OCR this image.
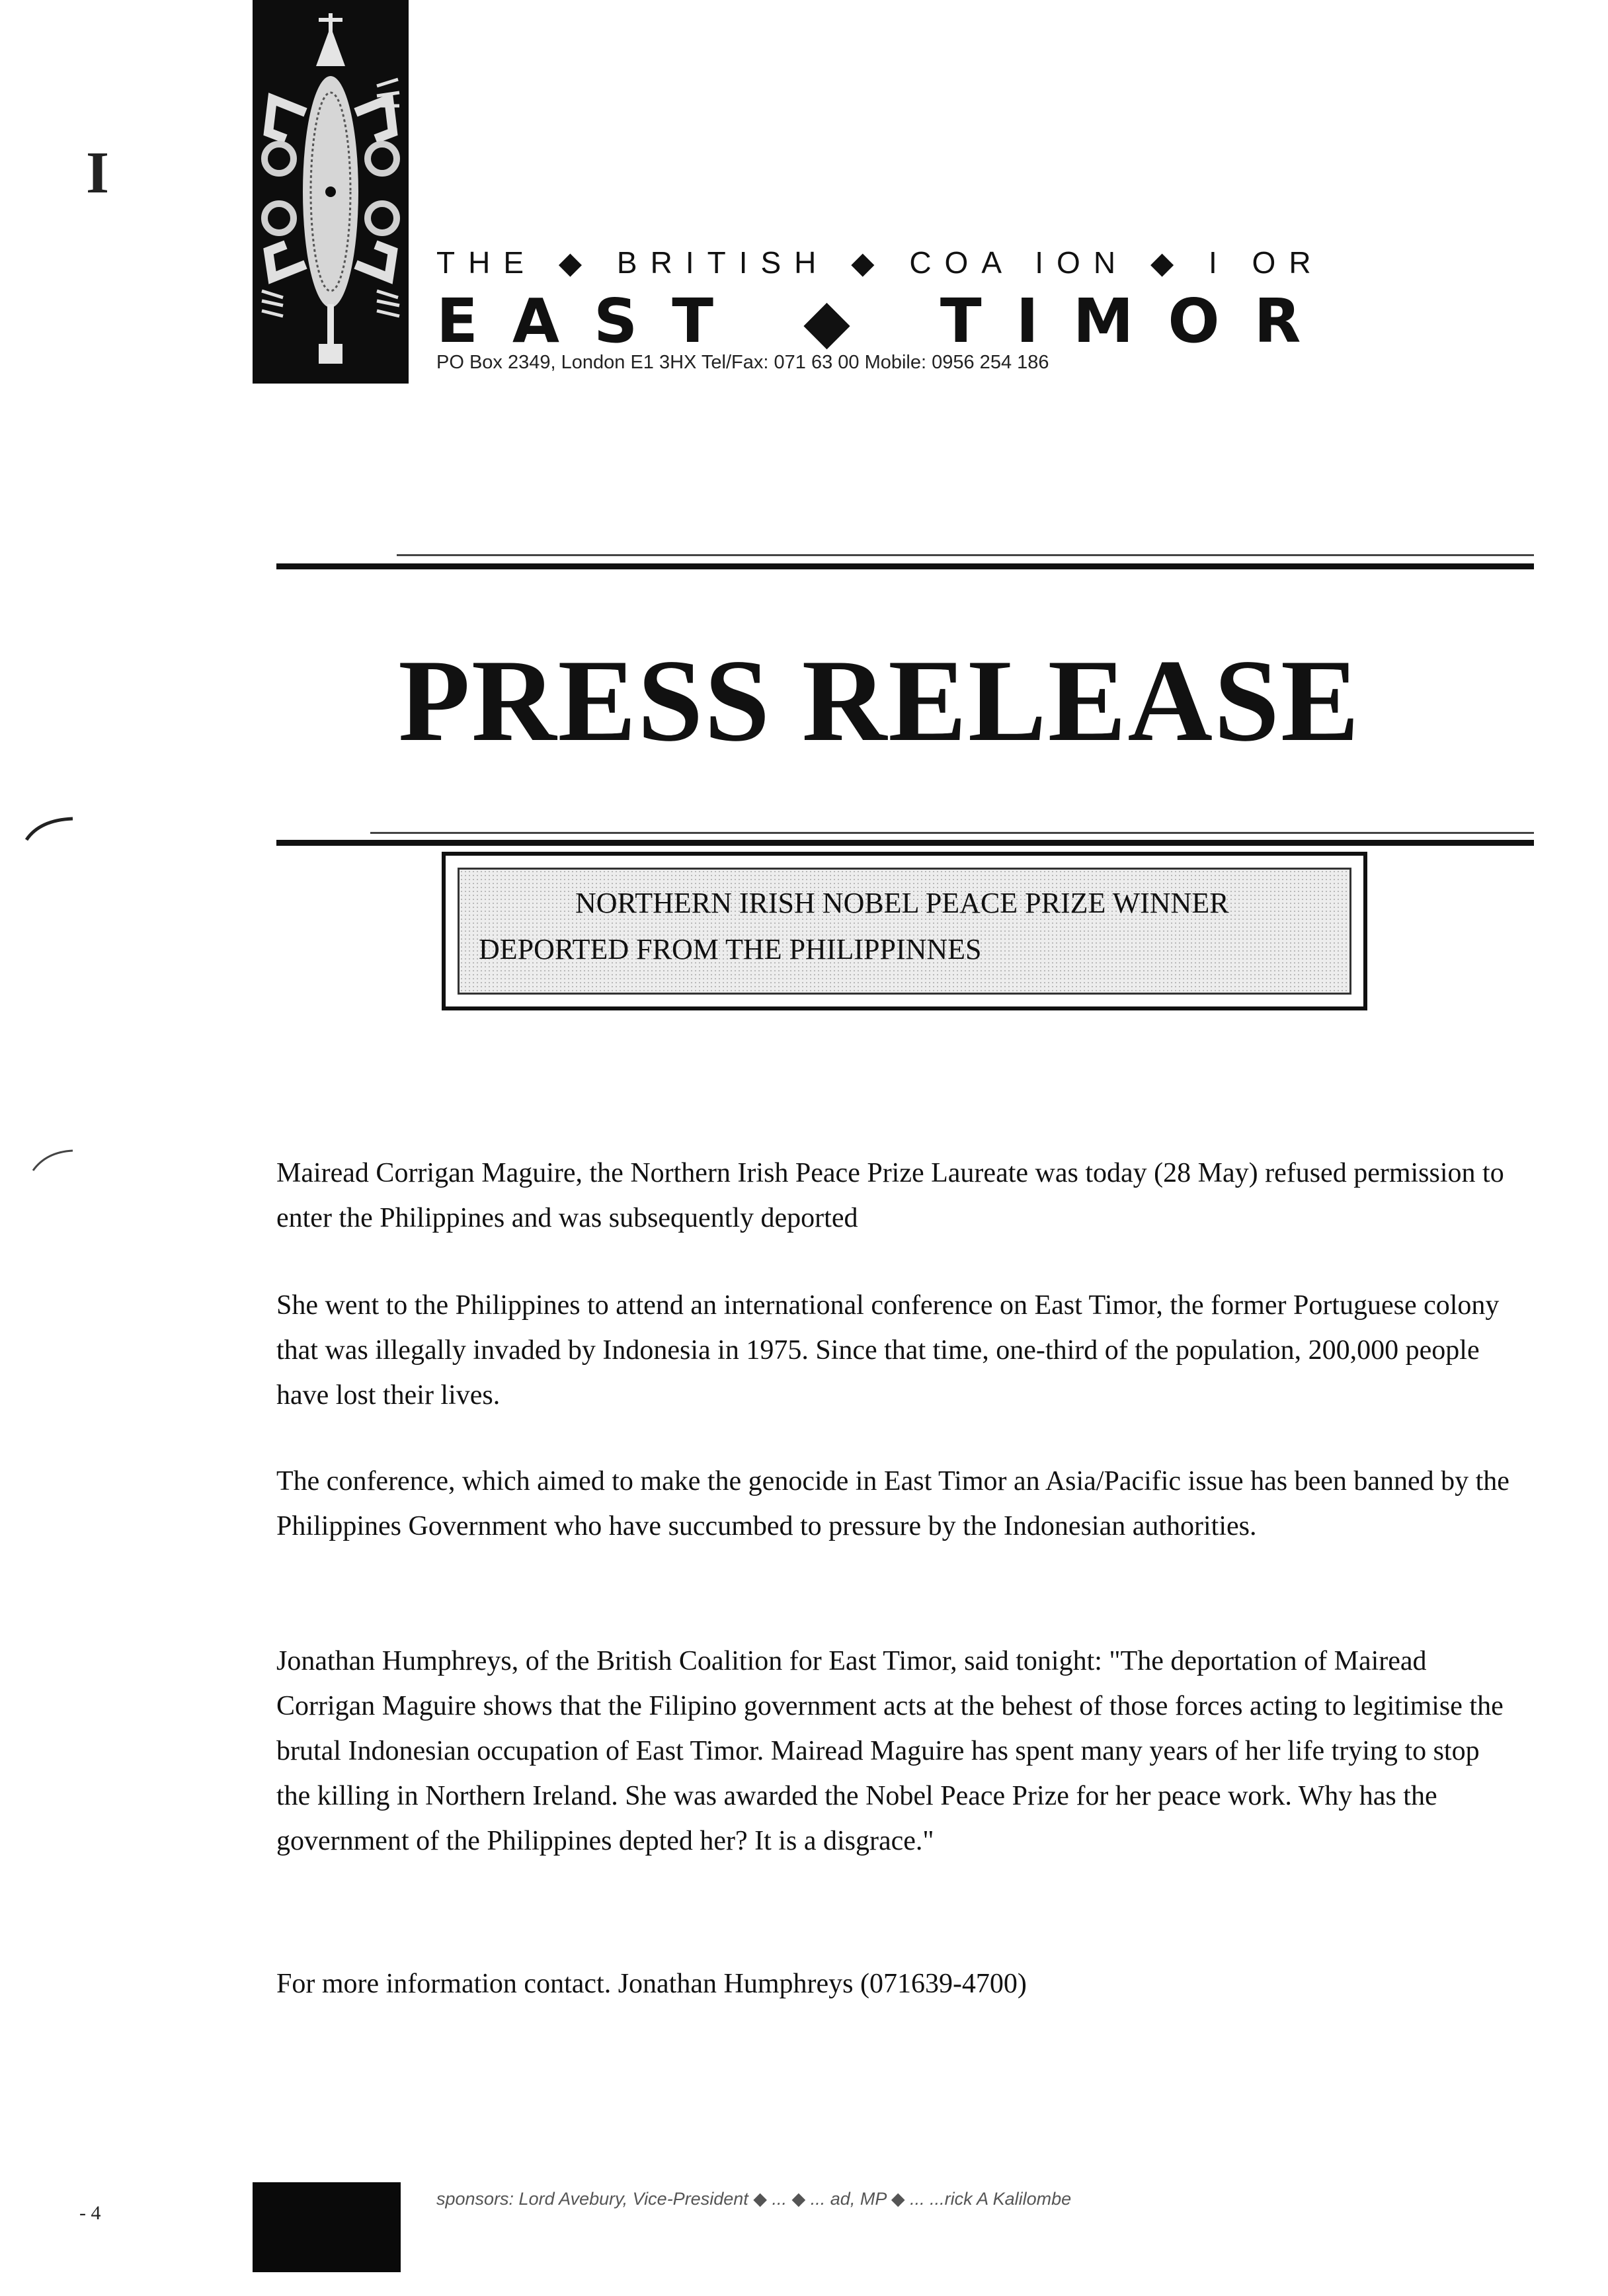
THE ◆ BRITISH ◆ COA ION ◆ I OR
EAST ◆ TIMOR
PO Box 2349, London E1 3HX Tel/Fax: 071 63 00 Mobile: 0956 254 186
PRESS RELEASE
NORTHERN IRISH NOBEL PEACE PRIZE WINNER
DEPORTED FROM THE PHILIPPINNES

Mairead Corrigan Maguire, the Northern Irish Peace Prize Laureate was today (28 May) refused permission to enter the Philippines and was subsequently deported

She went to the Philippines to attend an international conference on East Timor, the former Portuguese colony that was illegally invaded by Indonesia in 1975. Since that time, one-third of the population, 200,000 people have lost their lives.

The conference, which aimed to make the genocide in East Timor an Asia/Pacific issue has been banned by the Philippines Government who have succumbed to pressure by the Indonesian authorities.

Jonathan Humphreys, of the British Coalition for East Timor, said tonight: "The deportation of Mairead Corrigan Maguire shows that the Filipino government acts at the behest of those forces acting to legitimise the brutal Indonesian occupation of East Timor. Mairead Maguire has spent many years of her life trying to stop the killing in Northern Ireland. She was awarded the Nobel Peace Prize for her peace work. Why has the government of the Philippines depted her? It is a disgrace."

For more information contact. Jonathan Humphreys (071639-4700)

I
- 4
sponsors: Lord Avebury, Vice-President ◆ ... ◆ ... ad, MP ◆ ... ...rick A Kalilombe
